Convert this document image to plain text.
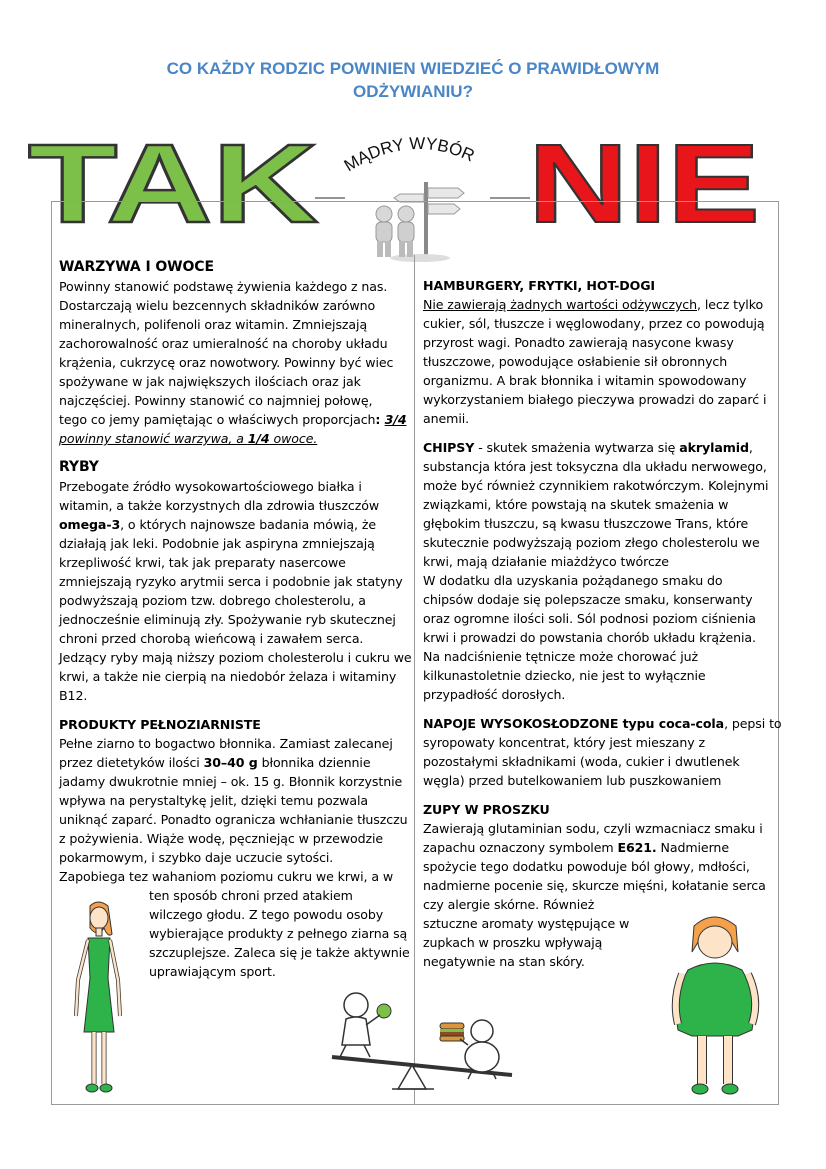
CO KAŻDY RODZIC POWINIEN WIEDZIEĆ O PRAWIDŁOWYM
ODŻYWIANIU?
TAK NIE
MĄDRY WYBÓR

WARZYWA I OWOCE

Powinny stanowić podstawę żywienia każdego z nas.

Dostarczają wielu bezcennych składników zarówno

mineralnych, polifenoli oraz witamin. Zmniejszają

zachorowalność oraz umieralność na choroby układu

krążenia, cukrzycę oraz nowotwory. Powinny być wiec

spożywane w jak największych ilościach oraz jak

najczęściej. Powinny stanowić co najmniej połowę,

tego co jemy pamiętając o właściwych proporcjach: 3/4

powinny stanowić warzywa, a 1/4 owoce.

RYBY

Przebogate źródło wysokowartościowego białka i

witamin, a także korzystnych dla zdrowia tłuszczów

omega-3, o których najnowsze badania mówią, że

działają jak leki. Podobnie jak aspiryna zmniejszają

krzepliwość krwi, tak jak preparaty nasercowe

zmniejszają ryzyko arytmii serca i podobnie jak statyny

podwyższają poziom tzw. dobrego cholesterolu, a

jednocześnie eliminują zły. Spożywanie ryb skutecznej

chroni przed chorobą wieńcową i zawałem serca.

Jedzący ryby mają niższy poziom cholesterolu i cukru we

krwi, a także nie cierpią na niedobór żelaza i witaminy

B12.

PRODUKTY PEŁNOZIARNISTE

Pełne ziarno to bogactwo błonnika. Zamiast zalecanej

przez dietetyków ilości 30–40 g błonnika dziennie

jadamy dwukrotnie mniej – ok. 15 g. Błonnik korzystnie

wpływa na perystaltykę jelit, dzięki temu pozwala

uniknąć zaparć. Ponadto ogranicza wchłanianie tłuszczu

z pożywienia. Wiąże wodę, pęczniejąc w przewodzie

pokarmowym, i szybko daje uczucie sytości.

Zapobiega tez wahaniom poziomu cukru we krwi, a w

ten sposób chroni przed atakiem

wilczego głodu. Z tego powodu osoby

wybierające produkty z pełnego ziarna są

szczuplejsze. Zaleca się je także aktywnie

uprawiającym sport.

HAMBURGERY, FRYTKI, HOT-DOGI

Nie zawierają żadnych wartości odżywczych, lecz tylko

cukier, sól, tłuszcze i węglowodany, przez co powodują

przyrost wagi. Ponadto zawierają nasycone kwasy

tłuszczowe, powodujące osłabienie sił obronnych

organizmu. A brak błonnika i witamin spowodowany

wykorzystaniem białego pieczywa prowadzi do zaparć i

anemii.

CHIPSY - skutek smażenia wytwarza się akrylamid,

substancja która jest toksyczna dla układu nerwowego,

może być również czynnikiem rakotwórczym. Kolejnymi

związkami, które powstają na skutek smażenia w

głębokim tłuszczu, są kwasu tłuszczowe Trans, które

skutecznie podwyższają poziom złego cholesterolu we

krwi, mają działanie miażdżyco twórcze

W dodatku dla uzyskania pożądanego smaku do

chipsów dodaje się polepszacze smaku, konserwanty

oraz ogromne ilości soli. Sól podnosi poziom ciśnienia

krwi i prowadzi do powstania chorób układu krążenia.

Na nadciśnienie tętnicze może chorować już

kilkunastoletnie dziecko, nie jest to wyłącznie

przypadłość dorosłych.

NAPOJE WYSOKOSŁODZONE typu coca-cola, pepsi to

syropowaty koncentrat, który jest mieszany z

pozostałymi składnikami (woda, cukier i dwutlenek

węgla) przed butelkowaniem lub puszkowaniem

ZUPY W PROSZKU

Zawierają glutaminian sodu, czyli wzmacniacz smaku i

zapachu oznaczony symbolem E621. Nadmierne

spożycie tego dodatku powoduje ból głowy, mdłości,

nadmierne pocenie się, skurcze mięśni, kołatanie serca

czy alergie skórne. Również

sztuczne aromaty występujące w

zupkach w proszku wpływają

negatywnie na stan skóry.
